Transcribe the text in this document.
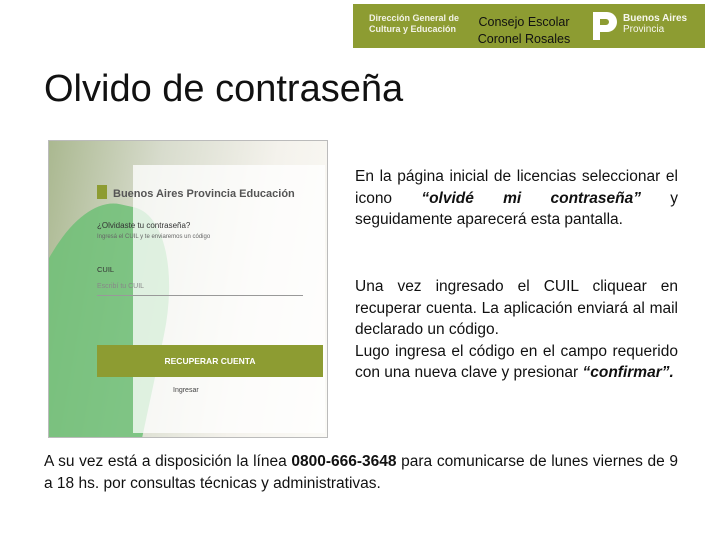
Dirección General de
Cultura y Educación	Consejo Escolar
Coronel Rosales
Buenos Aires
Provincia
Olvido de contraseña
Buenos Aires Provincia Educación
¿Olvidaste tu contraseña?
Ingresá el CUIL y te enviaremos un código
CUIL
Escribí tu CUIL
RECUPERAR CUENTA
Ingresar

En la página inicial de licencias seleccionar el icono “olvidé mi contraseña” y seguidamente aparecerá esta pantalla.

Una vez ingresado el CUIL cliquear en recuperar cuenta. La aplicación enviará al mail declarado un código.
Lugo ingresa el código en el campo requerido con una nueva clave y presionar “confirmar”.

A su vez está a disposición la línea 0800-666-3648 para comunicarse de lunes viernes de 9 a 18 hs. por consultas técnicas y administrativas.
